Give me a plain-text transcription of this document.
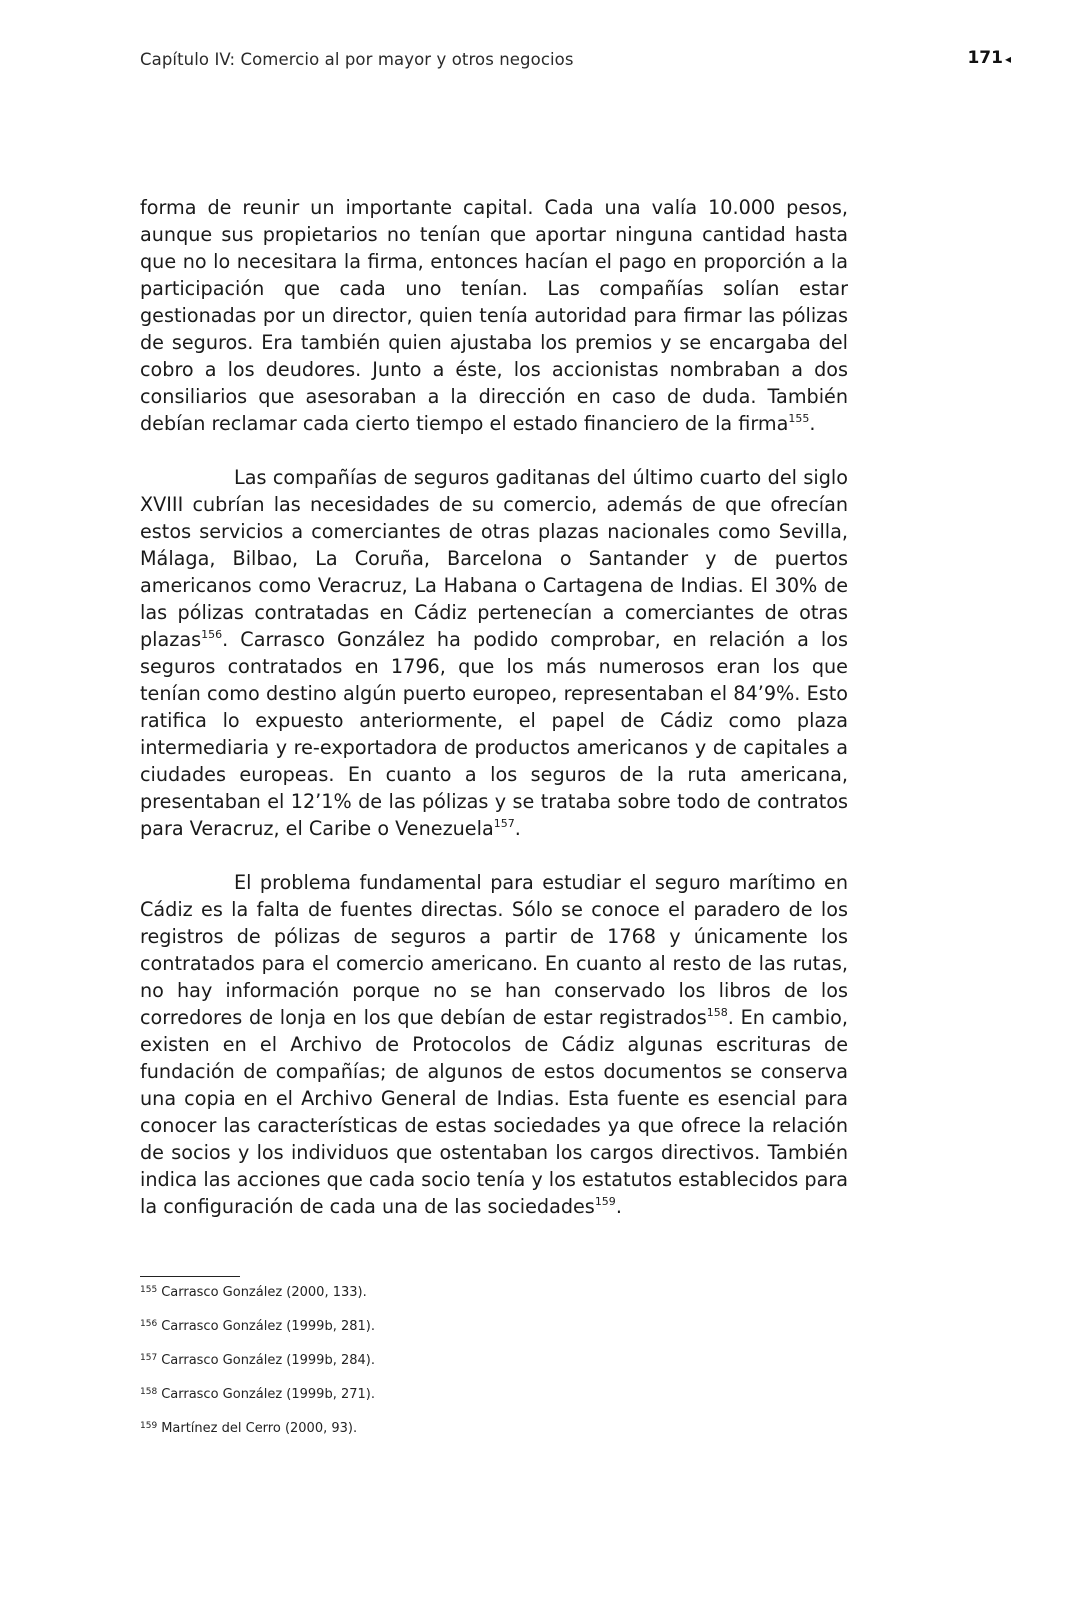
Capítulo IV: Comercio al por mayor y otros negocios	171 ◂

forma de reunir un importante capital. Cada una valía 10.000 pesos, aunque sus propietarios no tenían que aportar ninguna cantidad hasta que no lo necesitara la firma, entonces hacían el pago en proporción a la participación que cada uno tenían. Las compañías solían estar gestionadas por un director, quien tenía autoridad para firmar las pólizas de seguros. Era también quien ajustaba los premios y se encargaba del cobro a los deudores. Junto a éste, los accionistas nombraban a dos consiliarios que asesoraban a la dirección en caso de duda. También debían reclamar cada cierto tiempo el estado financiero de la firma$^{155}$.

Las compañías de seguros gaditanas del último cuarto del siglo XVIII cubrían las necesidades de su comercio, además de que ofrecían estos servicios a comerciantes de otras plazas nacionales como Sevilla, Málaga, Bilbao, La Coruña, Barcelona o Santander y de puertos americanos como Veracruz, La Habana o Cartagena de Indias. El 30% de las pólizas contratadas en Cádiz pertenecían a comerciantes de otras plazas$^{156}$. Carrasco González ha podido comprobar, en relación a los seguros contratados en 1796, que los más numerosos eran los que tenían como destino algún puerto europeo, representaban el 84’9%. Esto ratifica lo expuesto anteriormente, el papel de Cádiz como plaza intermediaria y re-exportadora de productos americanos y de capitales a ciudades europeas. En cuanto a los seguros de la ruta americana, presentaban el 12’1% de las pólizas y se trataba sobre todo de contratos para Veracruz, el Caribe o Venezuela$^{157}$.

El problema fundamental para estudiar el seguro marítimo en Cádiz es la falta de fuentes directas. Sólo se conoce el paradero de los registros de pólizas de seguros a partir de 1768 y únicamente los contratados para el comercio americano. En cuanto al resto de las rutas, no hay información porque no se han conservado los libros de los corredores de lonja en los que debían de estar registrados$^{158}$. En cambio, existen en el Archivo de Protocolos de Cádiz algunas escrituras de fundación de compañías; de algunos de estos documentos se conserva una copia en el Archivo General de Indias. Esta fuente es esencial para conocer las características de estas sociedades ya que ofrece la relación de socios y los individuos que ostentaban los cargos directivos. También indica las acciones que cada socio tenía y los estatutos establecidos para la configuración de cada una de las sociedades$^{159}$.

$^{155}$ Carrasco González (2000, 133).
$^{156}$ Carrasco González (1999b, 281).
$^{157}$ Carrasco González (1999b, 284).
$^{158}$ Carrasco González (1999b, 271).
$^{159}$ Martínez del Cerro (2000, 93).
